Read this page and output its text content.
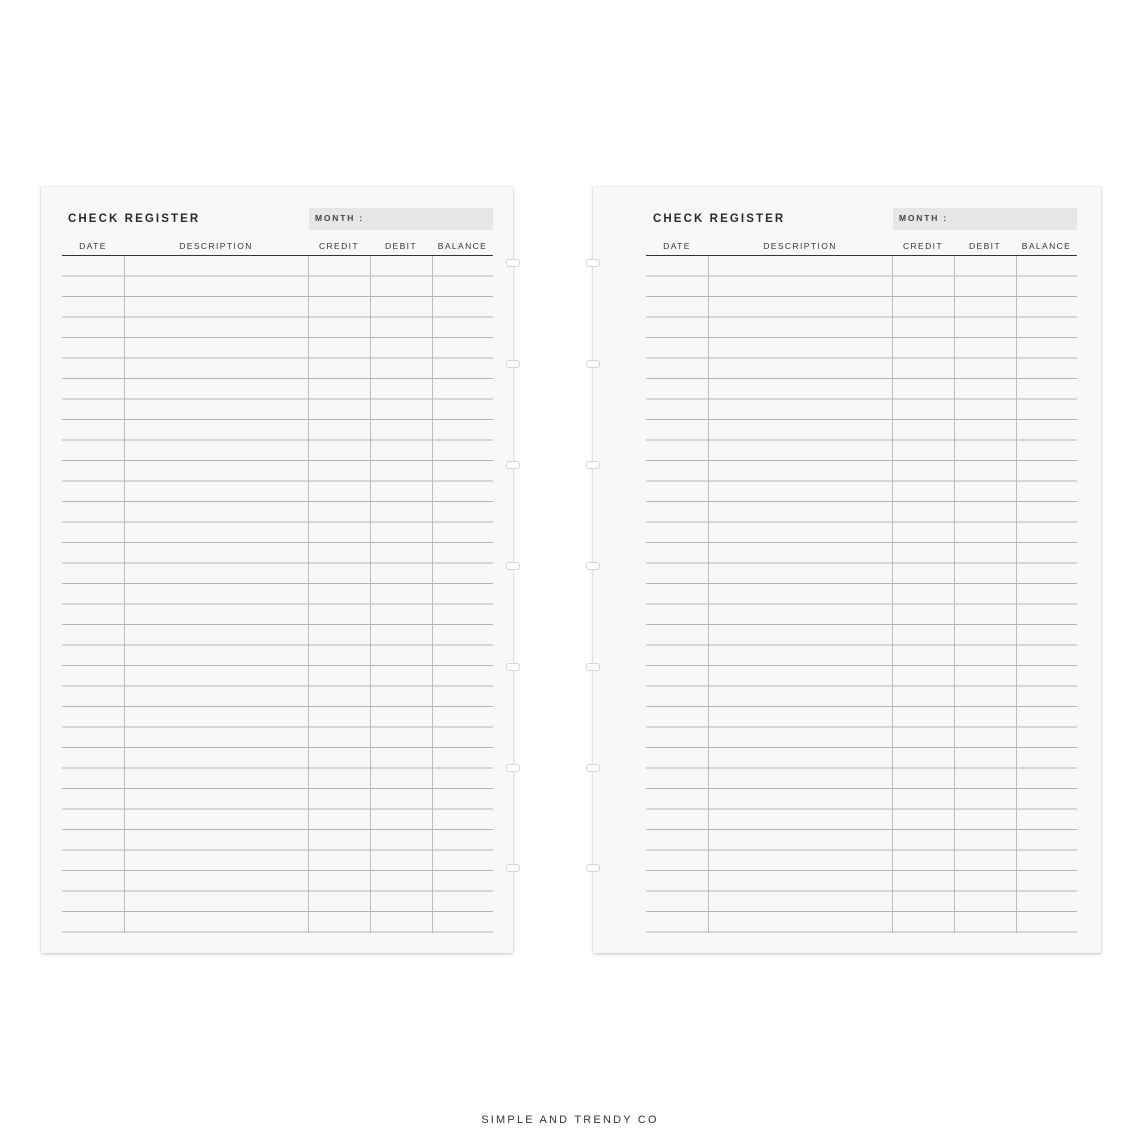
CHECK REGISTER	MONTH :
DATE	DESCRIPTION	CREDIT	DEBIT	BALANCE
CHECK REGISTER	MONTH :
DATE	DESCRIPTION	CREDIT	DEBIT	BALANCE
SIMPLE AND TRENDY CO
